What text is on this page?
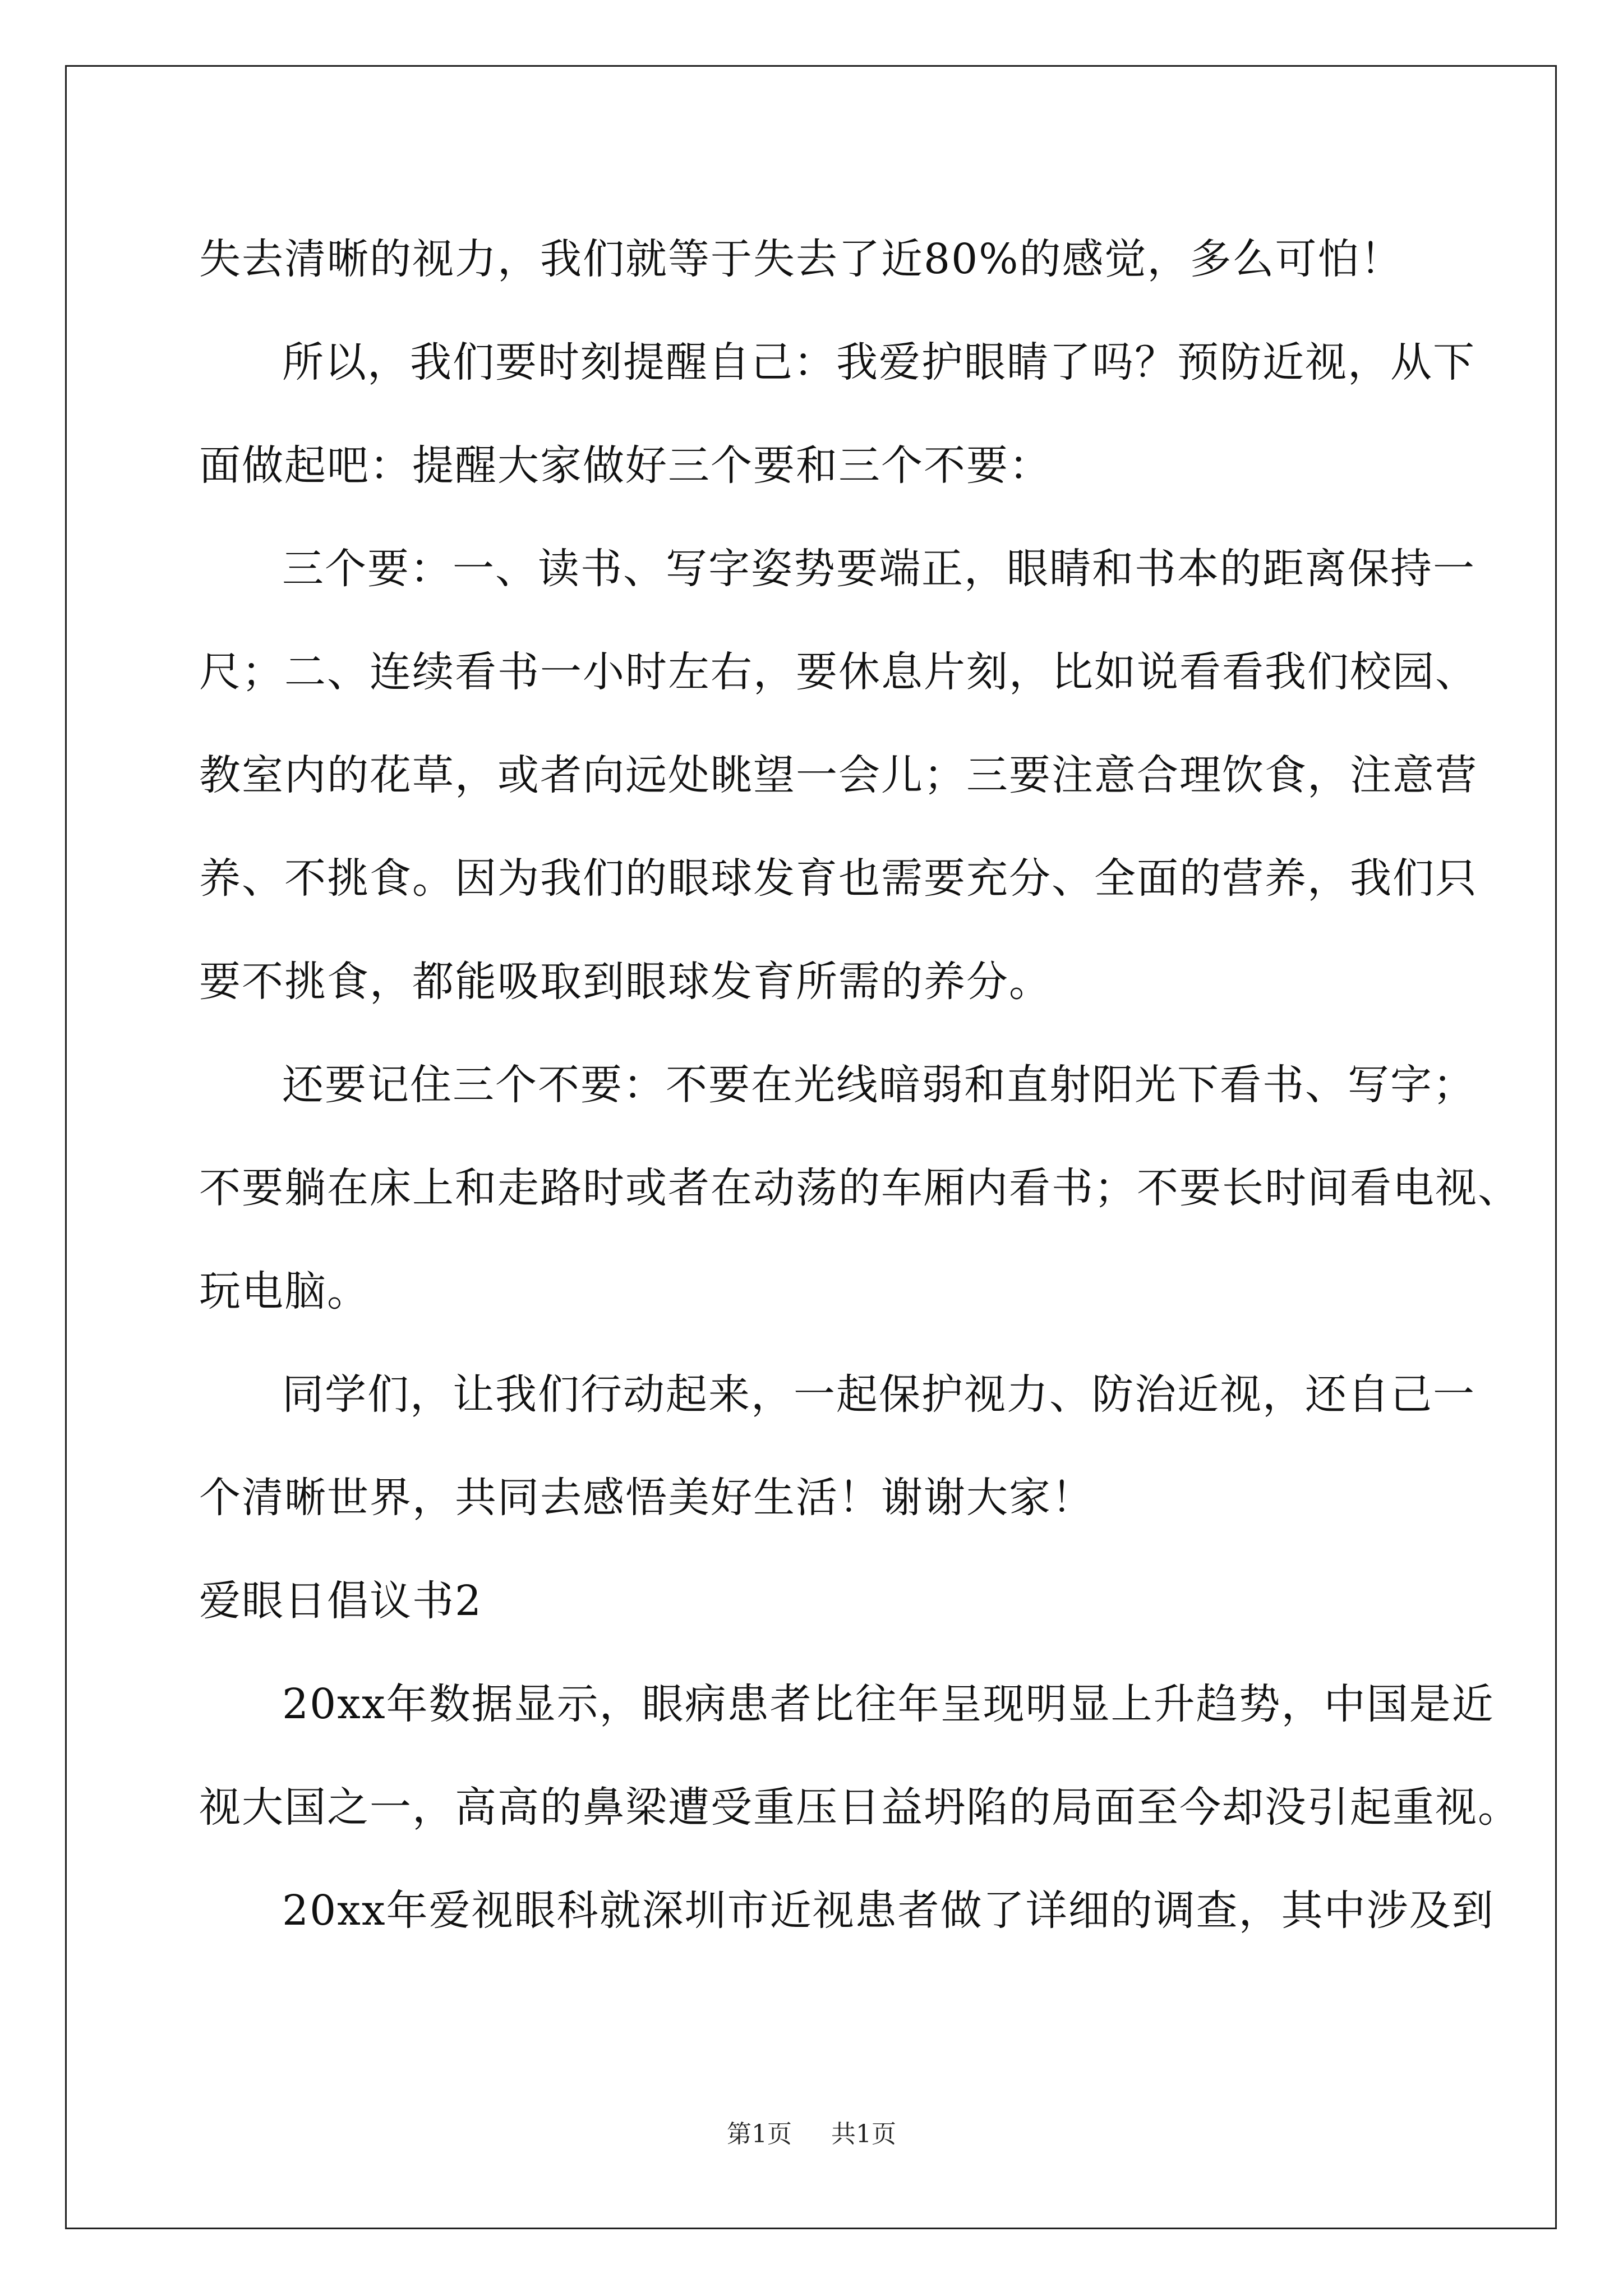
失去清晰的视力，我们就等于失去了近80%的感觉，多么可怕！
所以，我们要时刻提醒自己：我爱护眼睛了吗？预防近视，从下
面做起吧：提醒大家做好三个要和三个不要：
三个要：一、读书、写字姿势要端正，眼睛和书本的距离保持一
尺；二、连续看书一小时左右，要休息片刻，比如说看看我们校园、
教室内的花草，或者向远处眺望一会儿；三要注意合理饮食，注意营
养、不挑食。因为我们的眼球发育也需要充分、全面的营养，我们只
要不挑食，都能吸取到眼球发育所需的养分。
还要记住三个不要：不要在光线暗弱和直射阳光下看书、写字；
不要躺在床上和走路时或者在动荡的车厢内看书；不要长时间看电视、
玩电脑。
同学们，让我们行动起来，一起保护视力、防治近视，还自己一
个清晰世界，共同去感悟美好生活！谢谢大家！
爱眼日倡议书2
20xx年数据显示，眼病患者比往年呈现明显上升趋势，中国是近
视大国之一，高高的鼻梁遭受重压日益坍陷的局面至今却没引起重视。
20xx年爱视眼科就深圳市近视患者做了详细的调查，其中涉及到
第1页 共1页
